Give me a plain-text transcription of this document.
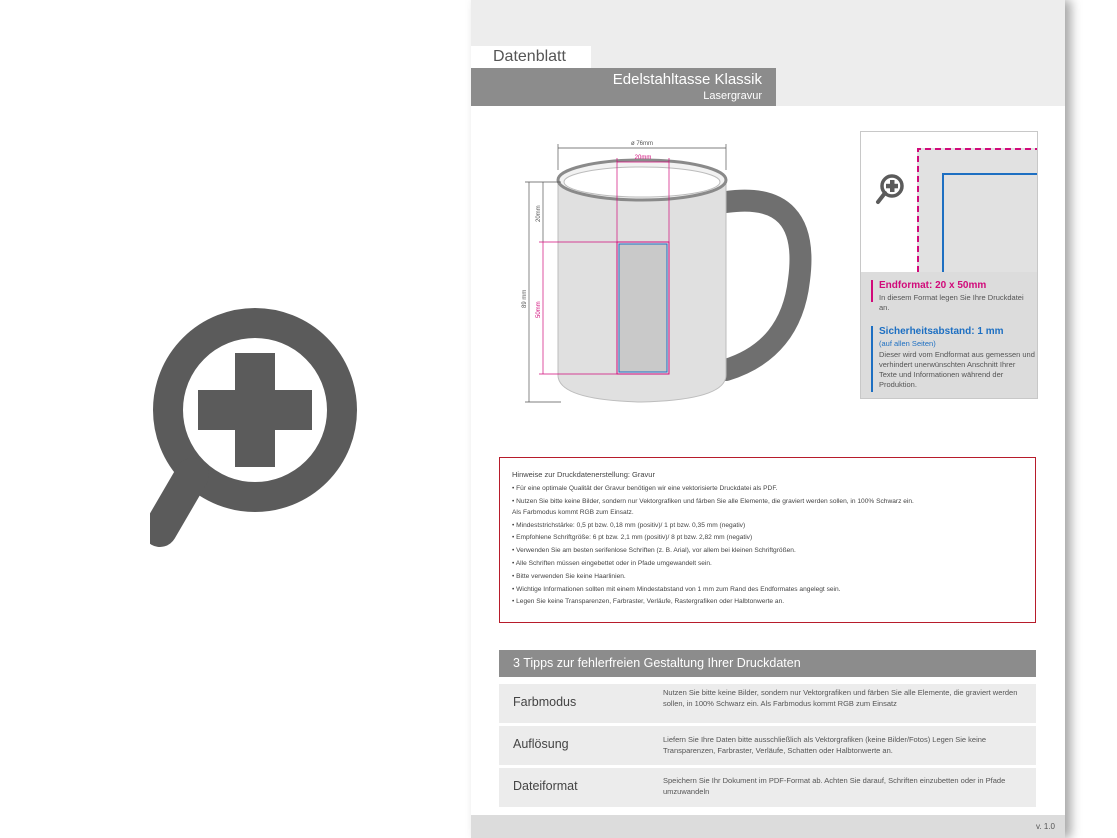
Datenblatt
Edelstahltasse Klassik
Lasergravur
ø 76mm
20mm
20mm
89 mm
50mm
Endformat: 20 x 50mm
In diesem Format legen Sie Ihre Druckdatei an.
Sicherheitsabstand: 1 mm
(auf allen Seiten)
Dieser wird vom Endformat aus gemessen und verhindert unerwünschten Anschnitt Ihrer Texte und Informationen während der Produktion.
Hinweise zur Druckdatenerstellung: Gravur
• Für eine optimale Qualität der Gravur benötigen wir eine vektorisierte Druckdatei als PDF.
• Nutzen Sie bitte keine Bilder, sondern nur Vektorgrafiken und färben Sie alle Elemente, die graviert werden sollen, in 100% Schwarz ein.
Als Farbmodus kommt RGB zum Einsatz.
• Mindeststrichstärke: 0,5 pt bzw. 0,18 mm (positiv)/ 1 pt bzw. 0,35 mm (negativ)
• Empfohlene Schriftgröße: 6 pt bzw. 2,1 mm (positiv)/ 8 pt bzw. 2,82 mm (negativ)
• Verwenden Sie am besten serifenlose Schriften (z. B. Arial), vor allem bei kleinen Schriftgrößen.
• Alle Schriften müssen eingebettet oder in Pfade umgewandelt sein.
• Bitte verwenden Sie keine Haarlinien.
• Wichtige Informationen sollten mit einem Mindestabstand von 1 mm zum Rand des Endformates angelegt sein.
• Legen Sie keine Transparenzen, Farbraster, Verläufe, Rastergrafiken oder Halbtonwerte an.
3 Tipps zur fehlerfreien Gestaltung Ihrer Druckdaten
Farbmodus
Nutzen Sie bitte keine Bilder, sondern nur Vektorgrafiken und färben Sie alle Elemente, die graviert werden sollen, in 100% Schwarz ein. Als Farbmodus kommt RGB zum Einsatz
Auflösung	Liefern Sie Ihre Daten bitte ausschließlich als Vektorgrafiken (keine Bilder/Fotos) Legen Sie keine Transparenzen, Farbraster, Verläufe, Schatten oder Halbtonwerte an.
Dateiformat	Speichern Sie Ihr Dokument im PDF-Format ab. Achten Sie darauf, Schriften einzubetten oder in Pfade umzuwandeln
v. 1.0
